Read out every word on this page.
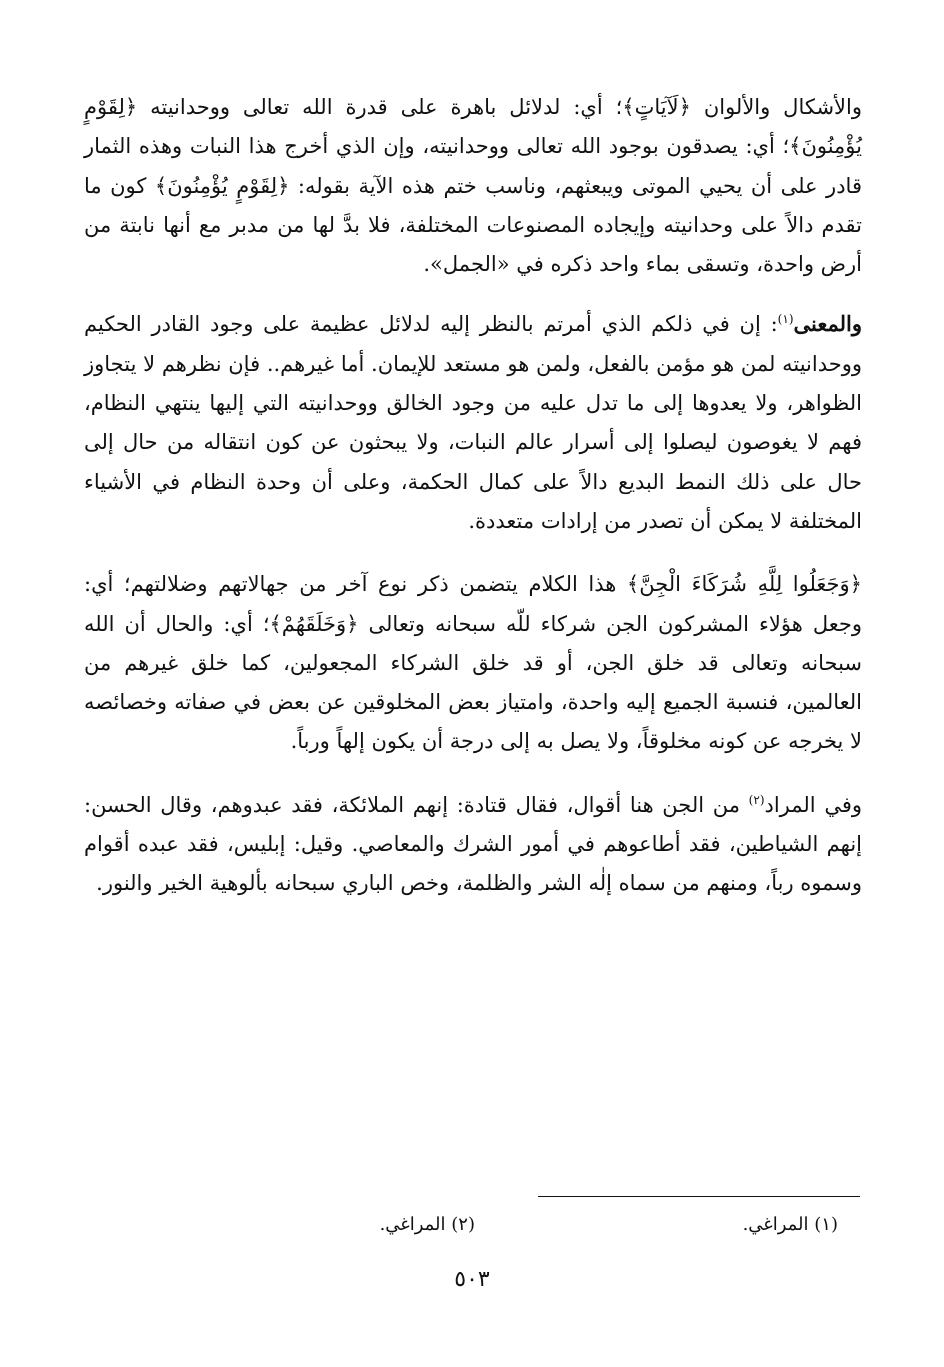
والأشكال والألوان ﴿لَآيَاتٍ﴾؛ أي: لدلائل باهرة على قدرة الله تعالى ووحدانيته ﴿لِقَوْمٍ يُؤْمِنُونَ﴾؛ أي: يصدقون بوجود الله تعالى ووحدانيته، وإن الذي أخرج هذا النبات وهذه الثمار قادر على أن يحيي الموتى ويبعثهم، وناسب ختم هذه الآية بقوله: ﴿لِقَوْمٍ يُؤْمِنُونَ﴾ كون ما تقدم دالاً على وحدانيته وإيجاده المصنوعات المختلفة، فلا بدَّ لها من مدبر مع أنها نابتة من أرض واحدة، وتسقى بماء واحد ذكره في «الجمل».

والمعنى$^{(١)}$: إن في ذلكم الذي أمرتم بالنظر إليه لدلائل عظيمة على وجود القادر الحكيم ووحدانيته لمن هو مؤمن بالفعل، ولمن هو مستعد للإيمان. أما غيرهم.. فإن نظرهم لا يتجاوز الظواهر، ولا يعدوها إلى ما تدل عليه من وجود الخالق ووحدانيته التي إليها ينتهي النظام، فهم لا يغوصون ليصلوا إلى أسرار عالم النبات، ولا يبحثون عن كون انتقاله من حال إلى حال على ذلك النمط البديع دالاً على كمال الحكمة، وعلى أن وحدة النظام في الأشياء المختلفة لا يمكن أن تصدر من إرادات متعددة.

﴿وَجَعَلُوا لِلَّهِ شُرَكَاءَ الْجِنَّ﴾ هذا الكلام يتضمن ذكر نوع آخر من جهالاتهم وضلالتهم؛ أي: وجعل هؤلاء المشركون الجن شركاء للّه سبحانه وتعالى ﴿وَخَلَقَهُمْ﴾؛ أي: والحال أن الله سبحانه وتعالى قد خلق الجن، أو قد خلق الشركاء المجعولين، كما خلق غيرهم من العالمين، فنسبة الجميع إليه واحدة، وامتياز بعض المخلوقين عن بعض في صفاته وخصائصه لا يخرجه عن كونه مخلوقاً، ولا يصل به إلى درجة أن يكون إلهاً ورباً.

وفي المراد$^{(٢)}$ من الجن هنا أقوال، فقال قتادة: إنهم الملائكة، فقد عبدوهم، وقال الحسن: إنهم الشياطين، فقد أطاعوهم في أمور الشرك والمعاصي. وقيل: إبليس، فقد عبده أقوام وسموه رباً، ومنهم من سماه إلٰه الشر والظلمة، وخص الباري سبحانه بألوهية الخير والنور.

(١) المراغي.
(٢) المراغي.
٥٠٣
